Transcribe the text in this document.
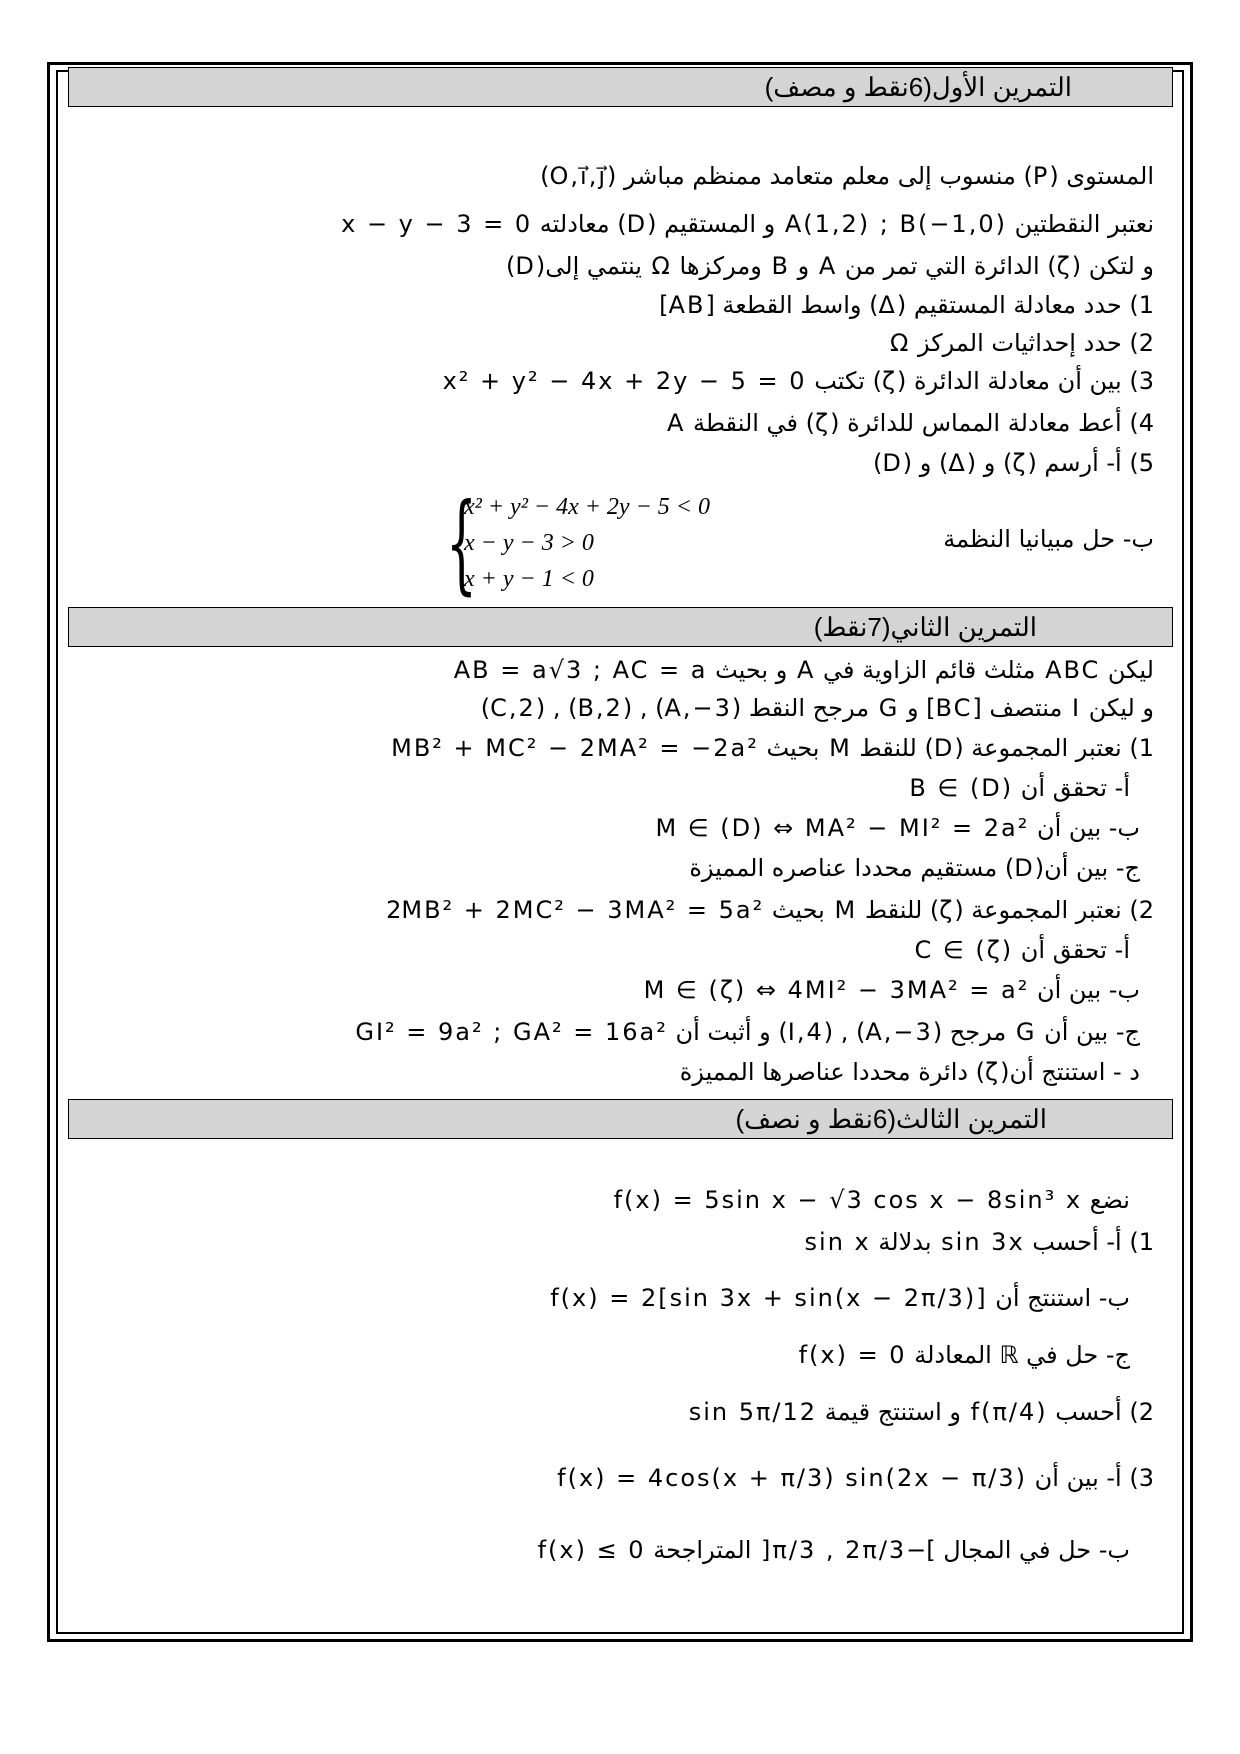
التمرين الأول(6نقط و مصف)
المستوى (P) منسوب إلى معلم متعامد ممنظم مباشر (O,i⃗,j⃗)
نعتبر النقطتين A(1,2) ; B(−1,0) و المستقيم (D) معادلته x − y − 3 = 0
و لتكن (ζ) الدائرة التي تمر من A و B ومركزها Ω ينتمي إلى(D)
1) حدد معادلة المستقيم (Δ) واسط القطعة [AB]
2) حدد إحداثيات المركز Ω
3) بين أن معادلة الدائرة (ζ) تكتب x² + y² − 4x + 2y − 5 = 0
4) أعط معادلة المماس للدائرة (ζ) في النقطة A
5) أ- أرسم (ζ) و (Δ) و (D)
{
x² + y² − 4x + 2y − 5 < 0
x − y − 3 > 0
x + y − 1 < 0
ب- حل مبيانيا النظمة
التمرين الثاني(7نقط)
ليكن ABC مثلث قائم الزاوية في A و بحيث AB = a√3 ; AC = a
و ليكن I منتصف [BC] و G مرجح النقط (A,−3) , (B,2) , (C,2)
1) نعتبر المجموعة (D) للنقط M بحيث MB² + MC² − 2MA² = −2a²
أ- تحقق أن B ∈ (D)
ب- بين أن M ∈ (D) ⇔ MA² − MI² = 2a²
ج- بين أن(D) مستقيم محددا عناصره المميزة
2) نعتبر المجموعة (ζ) للنقط M بحيث 2MB² + 2MC² − 3MA² = 5a²
أ- تحقق أن C ∈ (ζ)
ب- بين أن M ∈ (ζ) ⇔ 4MI² − 3MA² = a²
ج- بين أن G مرجح (A,−3) , (I,4) و أثبت أن GI² = 9a² ; GA² = 16a²
د - استنتج أن(ζ) دائرة محددا عناصرها المميزة
التمرين الثالث(6نقط و نصف)
نضع f(x) = 5sin x − √3 cos x − 8sin³ x
1) أ- أحسب sin 3x بدلالة sin x
ب- استنتج أن f(x) = 2[sin 3x + sin(x − 2π/3)]
ج- حل في ℝ المعادلة f(x) = 0
2) أحسب f(π/4) و استنتج قيمة sin 5π/12
3) أ- بين أن f(x) = 4cos(x + π/3) sin(2x − π/3)
ب- حل في المجال ]−π/3 , 2π/3[ المتراجحة f(x) ≤ 0
